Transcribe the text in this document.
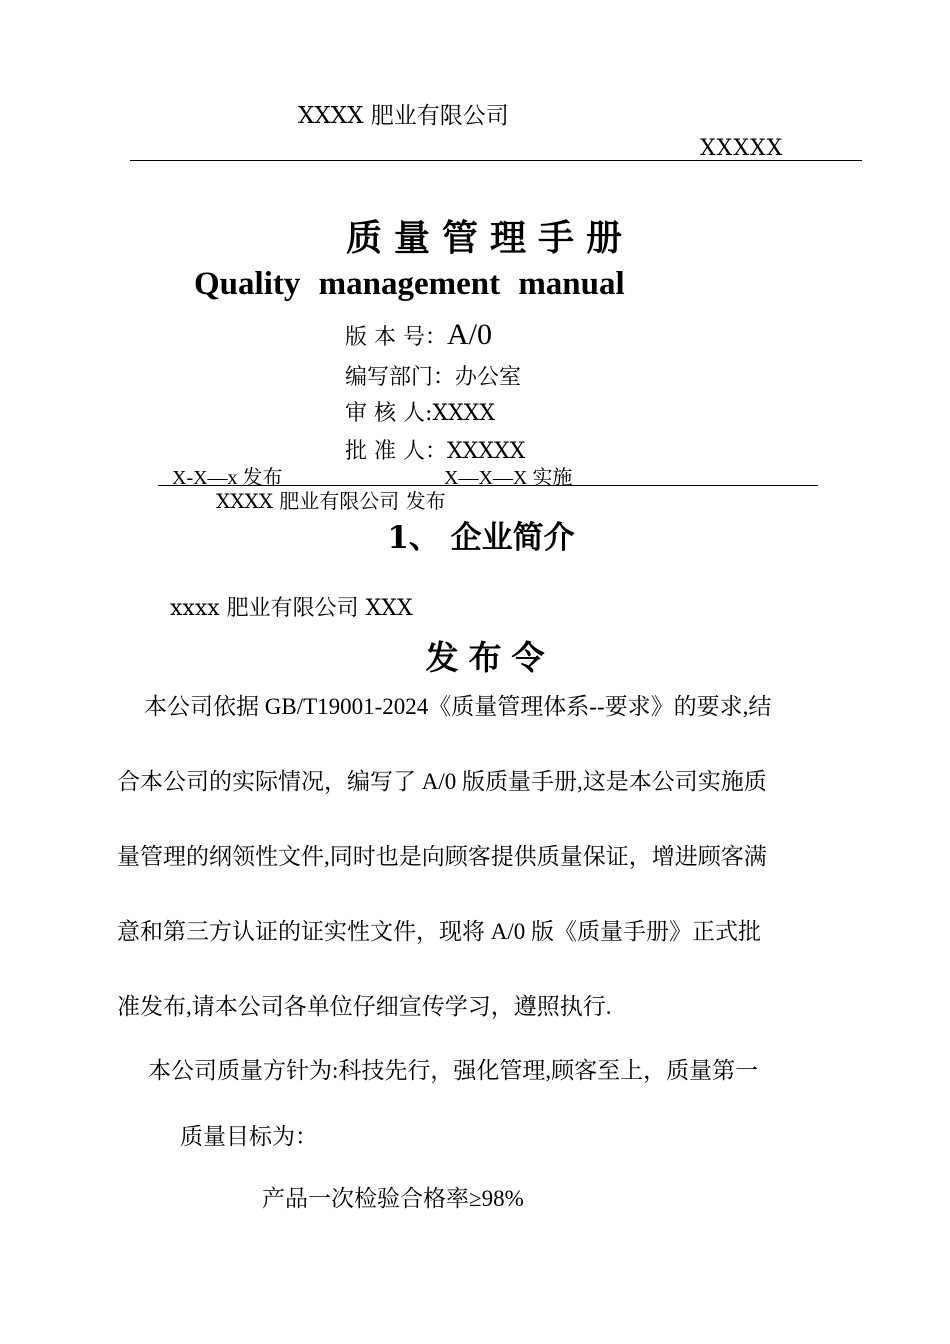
XXXX 肥业有限公司
XXXXX
质量管理手册
Quality management manual
版 本 号：A/0
编写部门：办公室
审 核 人:XXXX
批 准 人：XXXXX
X-X—x 发布	X—X—X 实施
XXXX 肥业有限公司 发布
1、 企业简介
xxxx 肥业有限公司 XXX
发布令
本公司依据 GB/T19001-2024《质量管理体系--要求》的要求,结
合本公司的实际情况，编写了 A/0 版质量手册,这是本公司实施质
量管理的纲领性文件,同时也是向顾客提供质量保证，增进顾客满
意和第三方认证的证实性文件，现将 A/0 版《质量手册》正式批
准发布,请本公司各单位仔细宣传学习，遵照执行.
本公司质量方针为:科技先行，强化管理,顾客至上，质量第一
质量目标为：
产品一次检验合格率≥98%
